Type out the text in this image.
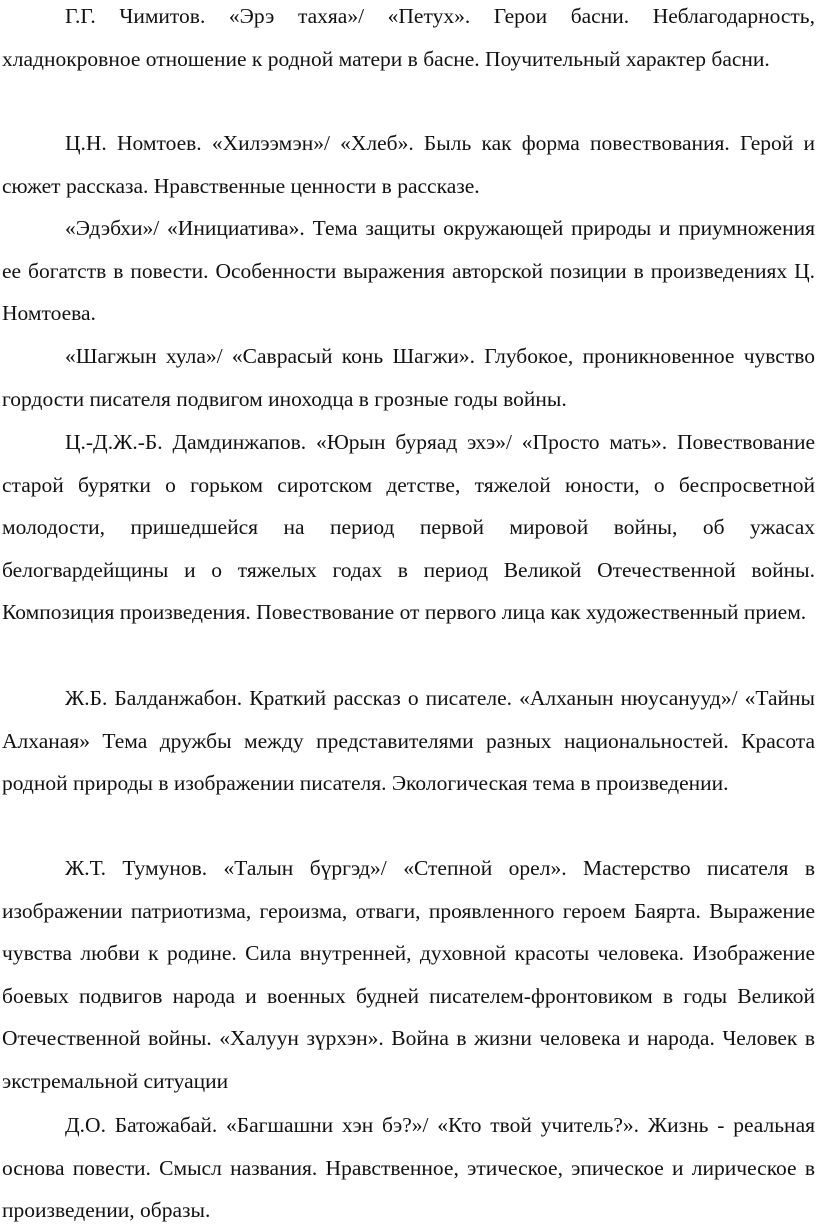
Г.Г. Чимитов. «Эрэ тахяа»/ «Петух». Герои басни. Неблагодарность, хладнокровное отношение к родной матери в басне. Поучительный характер басни.

Ц.Н. Номтоев. «Хилээмэн»/ «Хлеб». Быль как форма повествования. Герой и сюжет рассказа. Нравственные ценности в рассказе.

«Эдэбхи»/ «Инициатива». Тема защиты окружающей природы и приумножения ее богатств в повести. Особенности выражения авторской позиции в произведениях Ц. Номтоева.

«Шагжын хула»/ «Саврасый конь Шагжи». Глубокое, проникновенное чувство гордости писателя подвигом иноходца в грозные годы войны.

Ц.-Д.Ж.-Б. Дамдинжапов. «Юрын буряад эхэ»/ «Просто мать». Повествование старой бурятки о горьком сиротском детстве, тяжелой юности, о беспросветной молодости, пришедшейся на период первой мировой войны, об ужасах белогвардейщины и о тяжелых годах в период Великой Отечественной войны. Композиция произведения. Повествование от первого лица как художественный прием.

Ж.Б. Балданжабон. Краткий рассказ о писателе. «Алханын нюусанууд»/ «Тайны Алханая» Тема дружбы между представителями разных национальностей. Красота родной природы в изображении писателя. Экологическая тема в произведении.

Ж.Т. Тумунов. «Талын бүргэд»/ «Степной орел». Мастерство писателя в изображении патриотизма, героизма, отваги, проявленного героем Баярта. Выражение чувства любви к родине. Сила внутренней, духовной красоты человека. Изображение боевых подвигов народа и военных будней писателем-фронтовиком в годы Великой Отечественной войны. «Халуун зүрхэн». Война в жизни человека и народа. Человек в экстремальной ситуации

Д.О. Батожабай. «Багшашни хэн бэ?»/ «Кто твой учитель?». Жизнь - реальная основа повести. Смысл названия. Нравственное, этическое, эпическое и лирическое в произведении, образы.
